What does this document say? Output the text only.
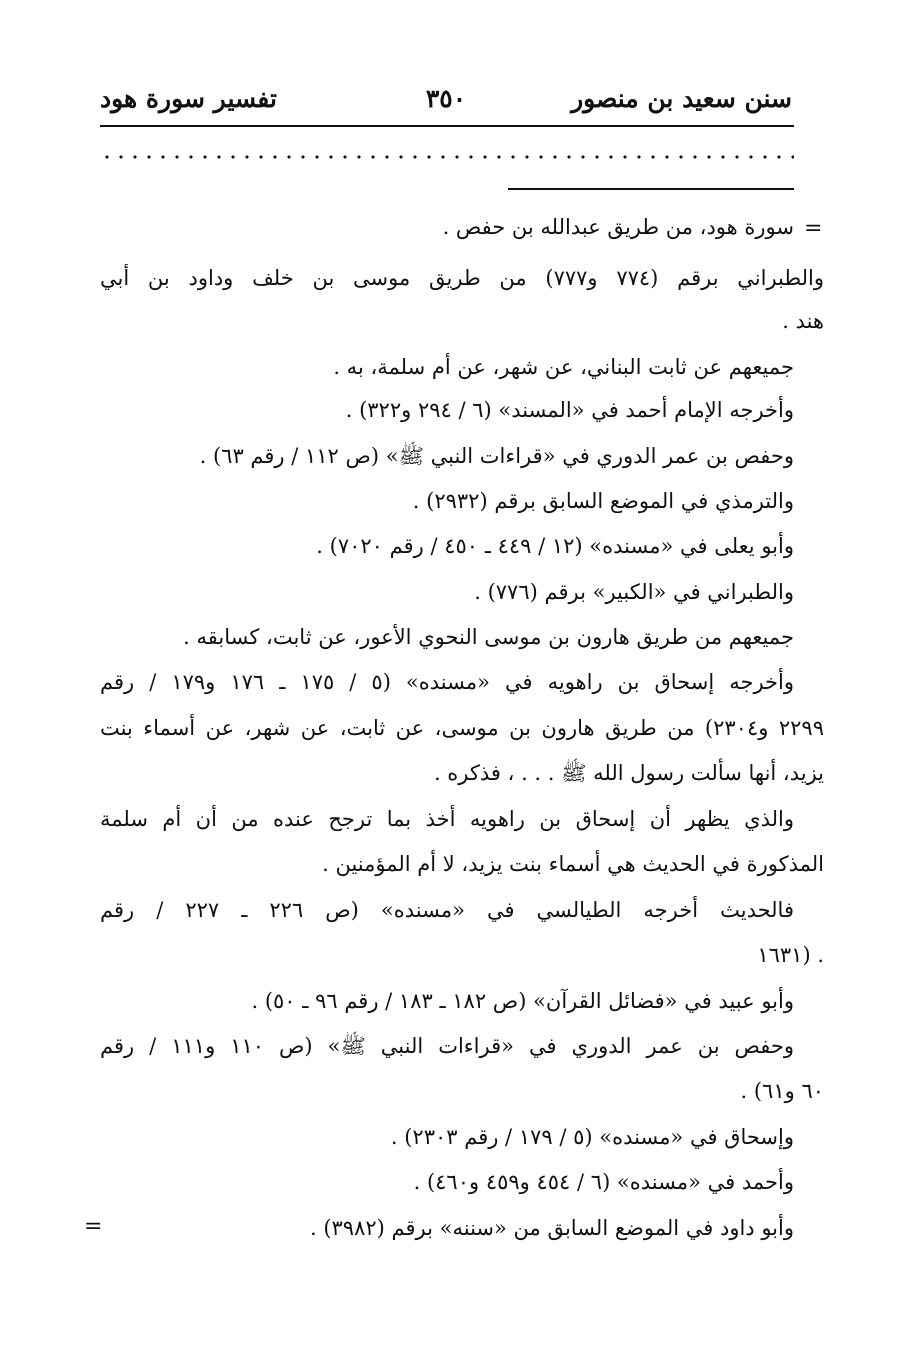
سنن سعيد بن منصور
٣٥٠
تفسير سورة هود
=
سورة هود، من طريق عبدالله بن حفص .
والطبراني برقم (٧٧٤ و٧٧٧) من طريق موسى بن خلف وداود بن أبي
هند .
جميعهم عن ثابت البناني، عن شهر، عن أم سلمة، به .
وأخرجه الإمام أحمد في «المسند» (٦ / ٢٩٤ و٣٢٢) .
وحفص بن عمر الدوري في «قراءات النبي ﷺ» (ص ١١٢ / رقم ٦٣) .
والترمذي في الموضع السابق برقم (٢٩٣٢) .
وأبو يعلى في «مسنده» (١٢ / ٤٤٩ ـ ٤٥٠ / رقم ٧٠٢٠) .
والطبراني في «الكبير» برقم (٧٧٦) .
جميعهم من طريق هارون بن موسى النحوي الأعور، عن ثابت، كسابقه .
وأخرجه إسحاق بن راهويه في «مسنده» (٥ / ١٧٥ ـ ١٧٦ و١٧٩ / رقم
٢٢٩٩ و٢٣٠٤) من طريق هارون بن موسى، عن ثابت، عن شهر، عن أسماء بنت
يزيد، أنها سألت رسول الله ﷺ . . . ، فذكره .
والذي يظهر أن إسحاق بن راهويه أخذ بما ترجح عنده من أن أم سلمة
المذكورة في الحديث هي أسماء بنت يزيد، لا أم المؤمنين .
فالحديث أخرجه الطيالسي في «مسنده» (ص ٢٢٦ ـ ٢٢٧ / رقم
١٦٣١) .
وأبو عبيد في «فضائل القرآن» (ص ١٨٢ ـ ١٨٣ / رقم ٩٦ ـ ٥٠) .
وحفص بن عمر الدوري في «قراءات النبي ﷺ» (ص ١١٠ و١١١ / رقم
٦٠ و٦١) .
وإسحاق في «مسنده» (٥ / ١٧٩ / رقم ٢٣٠٣) .
وأحمد في «مسنده» (٦ / ٤٥٤ و٤٥٩ و٤٦٠) .
وأبو داود في الموضع السابق من «سننه» برقم (٣٩٨٢) .
=
